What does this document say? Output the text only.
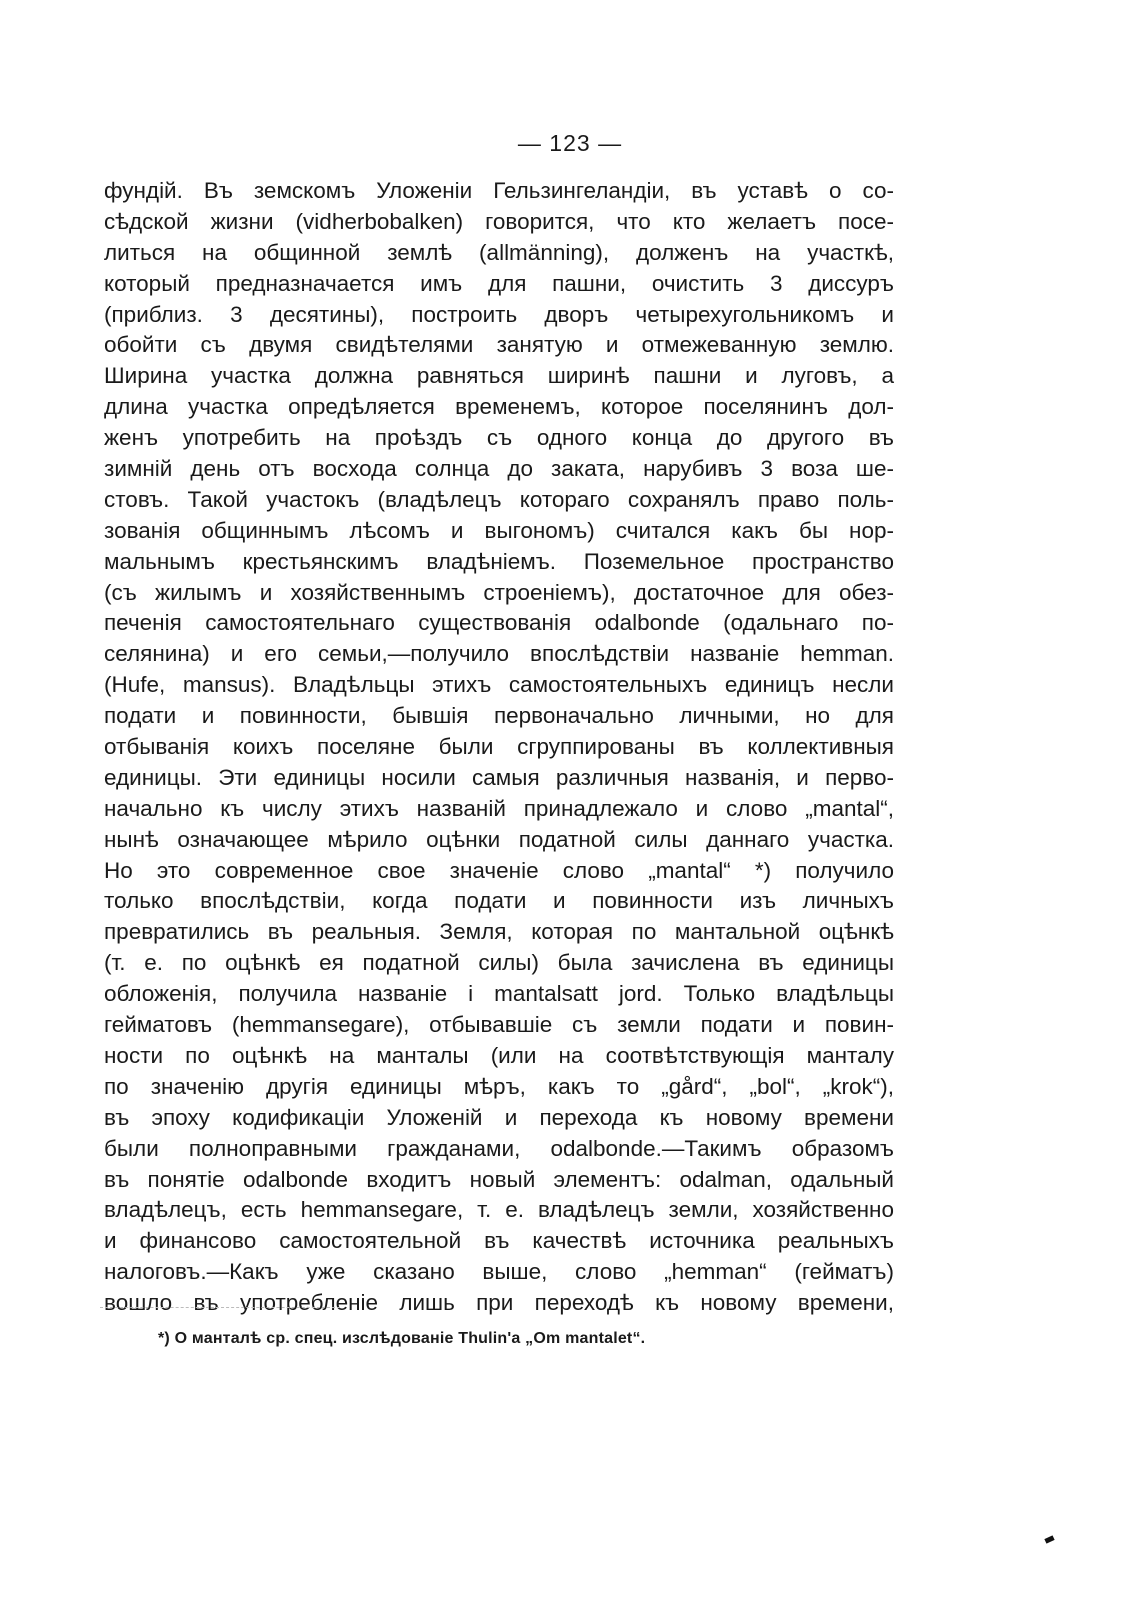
— 123 —
фундій. Въ земскомъ Уложеніи Гельзингеландіи, въ уставѣ о со-
сѣдской жизни (vidherbobalken) говорится, что кто желаетъ посе-
литься на общинной землѣ (allmänning), долженъ на участкѣ,
который предназначается имъ для пашни, очистить 3 диссуръ
(приблиз. 3 десятины), построить дворъ четырехугольникомъ и
обойти съ двумя свидѣтелями занятую и отмежеванную землю.
Ширина участка должна равняться ширинѣ пашни и луговъ, а
длина участка опредѣляется временемъ, которое поселянинъ дол-
женъ употребить на проѣздъ съ одного конца до другого въ
зимній день отъ восхода солнца до заката, нарубивъ 3 воза ше-
стовъ. Такой участокъ (владѣлецъ котораго сохранялъ право поль-
зованія общиннымъ лѣсомъ и выгономъ) считался какъ бы нор-
мальнымъ крестьянскимъ владѣніемъ. Поземельное пространство
(съ жилымъ и хозяйственнымъ строеніемъ), достаточное для обез-
печенія самостоятельнаго существованія odalbonde (одальнаго по-
селянина) и его семьи,—получило впослѣдствіи названіе hemman.
(Hufe, mansus). Владѣльцы этихъ самостоятельныхъ единицъ несли
подати и повинности, бывшія первоначально личными, но для
отбыванія коихъ поселяне были сгруппированы въ коллективныя
единицы. Эти единицы носили самыя различныя названія, и перво-
начально къ числу этихъ названій принадлежало и слово „mantal“,
нынѣ означающее мѣрило оцѣнки податной силы даннаго участка.
Но это современное свое значеніе слово „mantal“ *) получило
только впослѣдствіи, когда подати и повинности изъ личныхъ
превратились въ реальныя. Земля, которая по мантальной оцѣнкѣ
(т. е. по оцѣнкѣ ея податной силы) была зачислена въ единицы
обложенія, получила названіе i mantalsatt jord. Только владѣльцы
гейматовъ (hemmansegare), отбывавшіе съ земли подати и повин-
ности по оцѣнкѣ на манталы (или на соотвѣтствующія манталу
по значенію другія единицы мѣръ, какъ то „gård“, „bol“, „krok“),
въ эпоху кодификаціи Уложеній и перехода къ новому времени
были полноправными гражданами, odalbonde.—Такимъ образомъ
въ понятіе odalbonde входитъ новый элементъ: odalman, одальный
владѣлецъ, есть hemmansegare, т. е. владѣлецъ земли, хозяйственно
и финансово самостоятельной въ качествѣ источника реальныхъ
налоговъ.—Какъ уже сказано выше, слово „hemman“ (гейматъ)
вошло въ употребленіе лишь при переходѣ къ новому времени,
*) О манталѣ ср. спец. изслѣдованіе Thulin'a „Om mantalet“.
